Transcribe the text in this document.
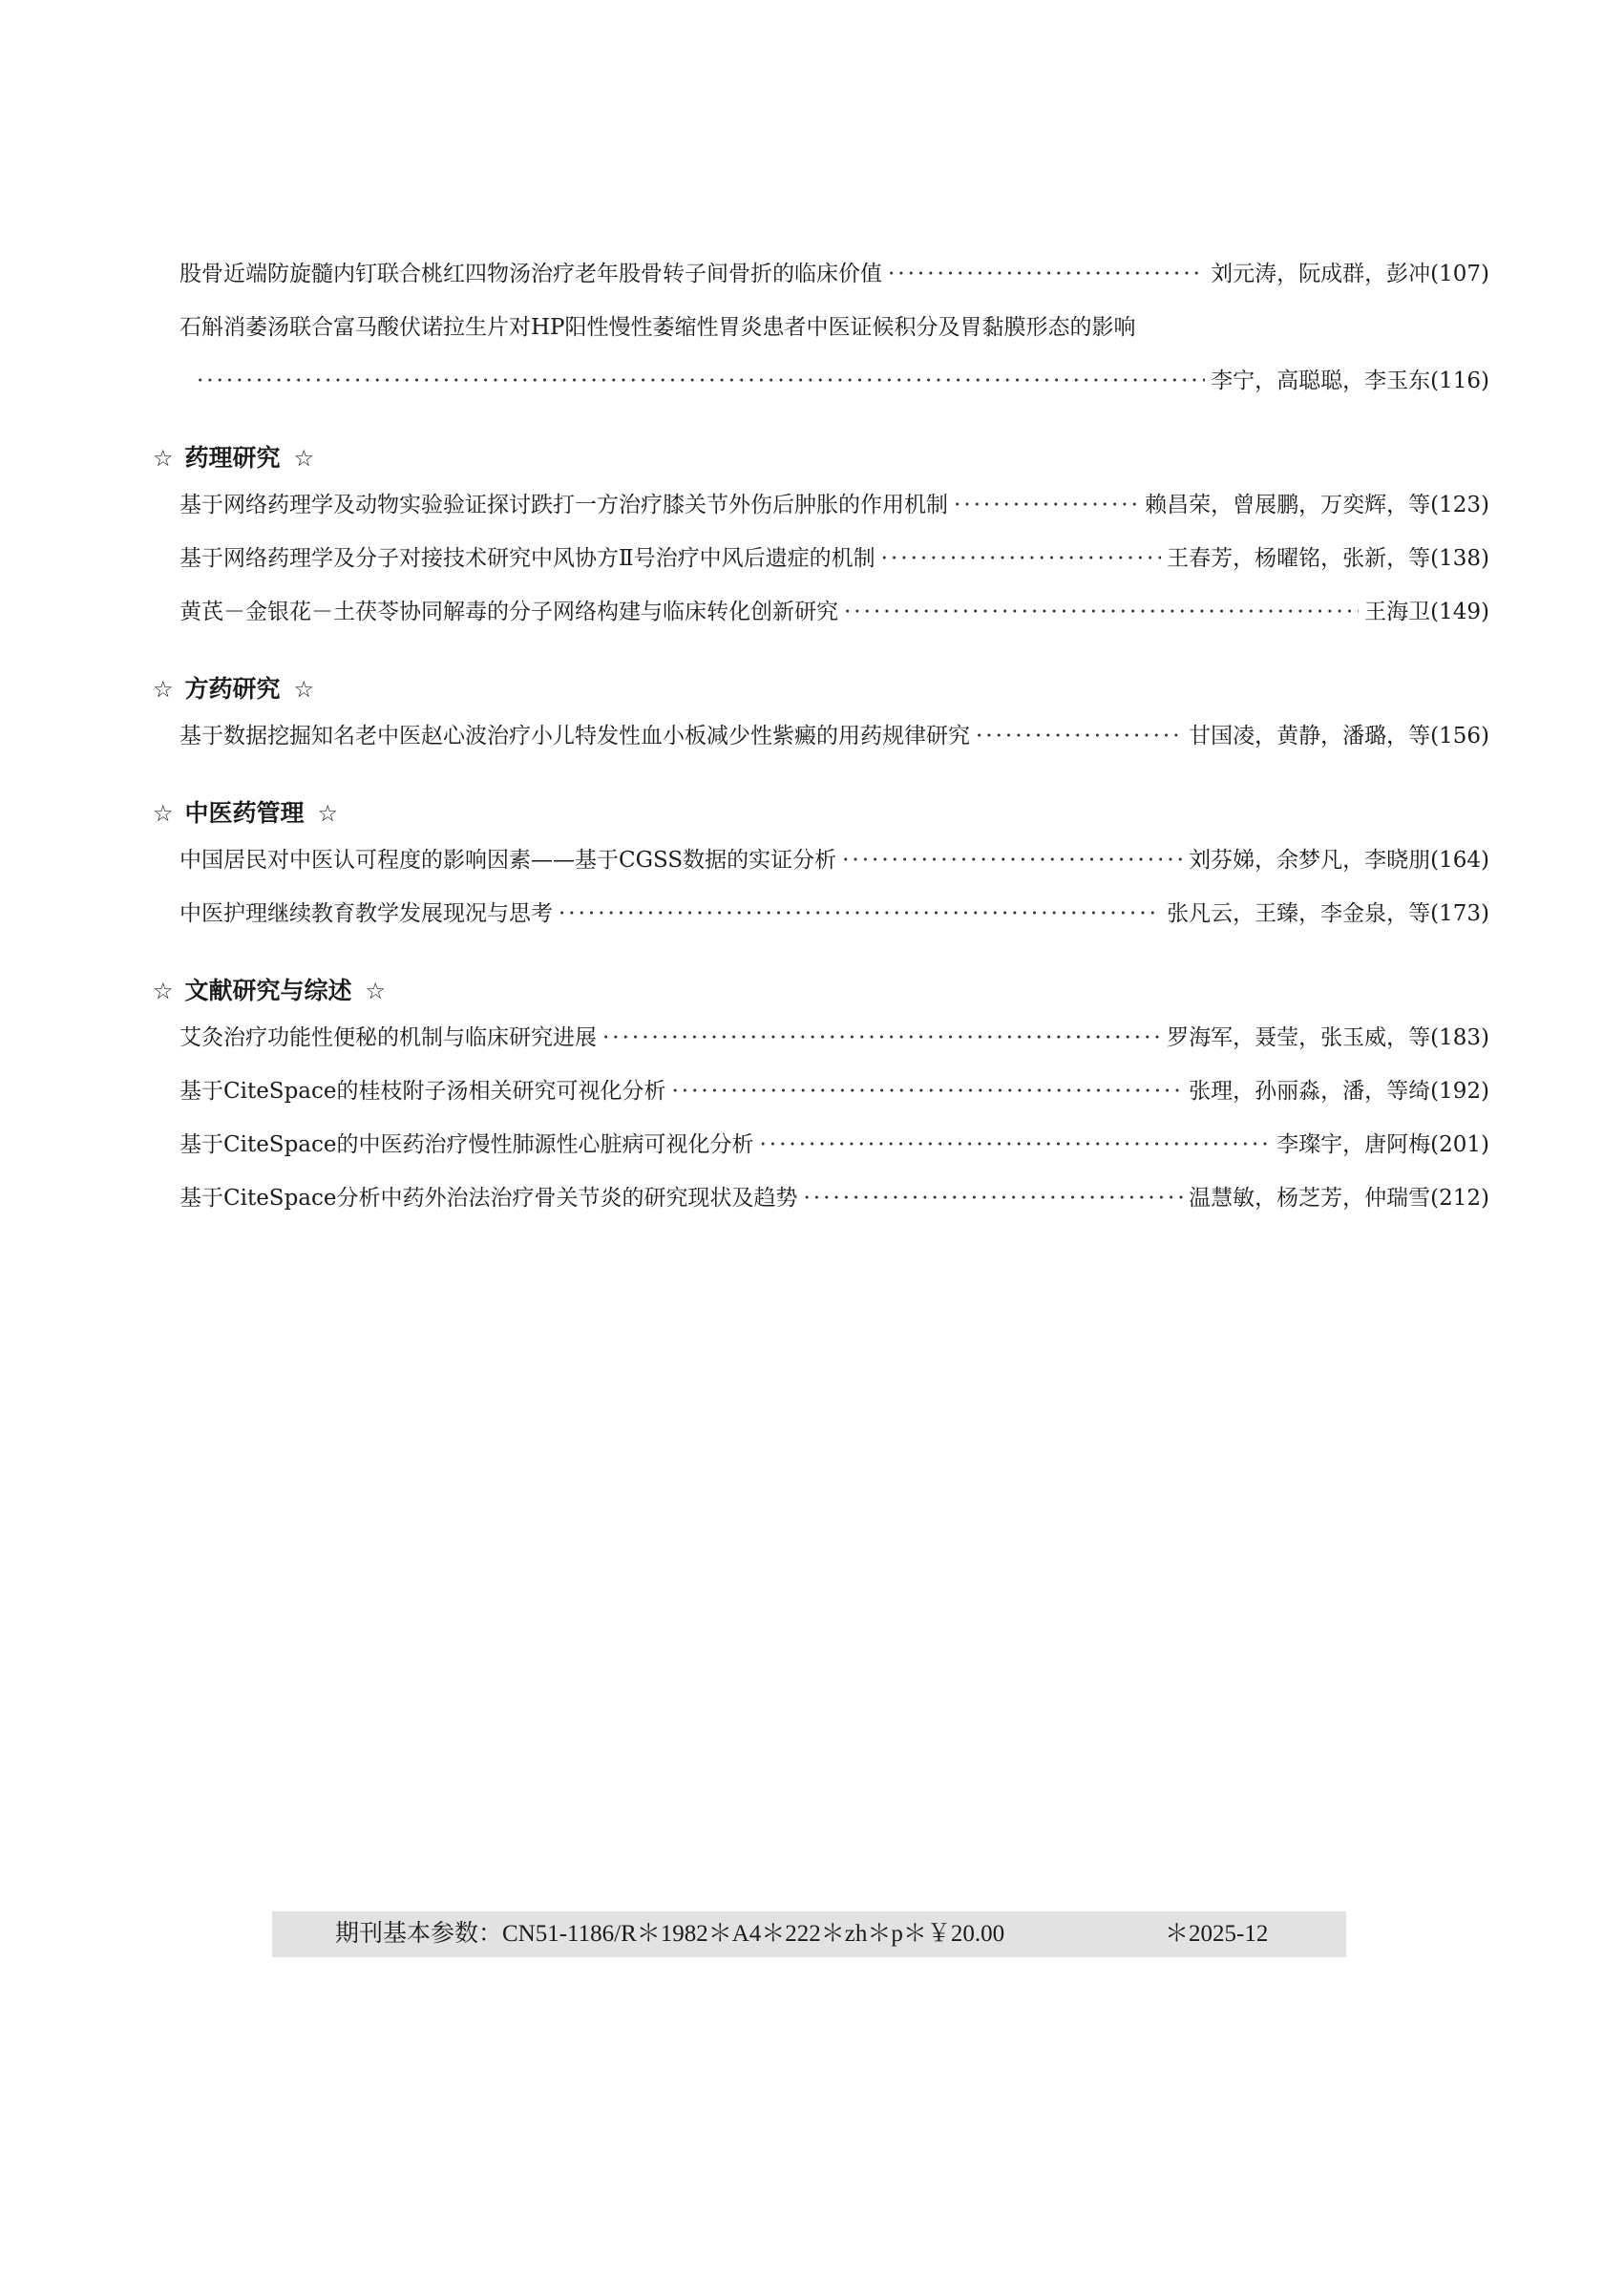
股骨近端防旋髓内钉联合桃红四物汤治疗老年股骨转子间骨折的临床价值 ·····	刘元涛，阮成群，彭冲 (107)
石斛消萎汤联合富马酸伏诺拉生片对HP阳性慢性萎缩性胃炎患者中医证候积分及胃黏膜形态的影响
·····
李宁，高聪聪，李玉东 (116)
☆ 药理研究 ☆
基于网络药理学及动物实验验证探讨跌打一方治疗膝关节外伤后肿胀的作用机制 ·····	赖昌荣，曾展鹏，万奕辉，等 (123)
基于网络药理学及分子对接技术研究中风协方Ⅱ号治疗中风后遗症的机制 ·····	王春芳，杨曜铭，张新，等 (138)
黄芪－金银花－土茯苓协同解毒的分子网络构建与临床转化创新研究 ·····	王海卫 (149)
☆ 方药研究 ☆
基于数据挖掘知名老中医赵心波治疗小儿特发性血小板减少性紫癜的用药规律研究 ·····	甘国凌，黄静，潘璐，等 (156)
☆ 中医药管理 ☆
中国居民对中医认可程度的影响因素——基于CGSS数据的实证分析 ·····	刘芬娣，余梦凡，李晓朋 (164)
中医护理继续教育教学发展现况与思考 ·····	张凡云，王臻，李金泉，等 (173)
☆ 文献研究与综述 ☆
艾灸治疗功能性便秘的机制与临床研究进展 ·····	罗海军，聂莹，张玉威，等 (183)
基于CiteSpace的桂枝附子汤相关研究可视化分析 ·····	张理，孙丽淼，潘，等绮 (192)
基于CiteSpace的中医药治疗慢性肺源性心脏病可视化分析 ·····	李璨宇，唐阿梅 (201)
基于CiteSpace分析中药外治法治疗骨关节炎的研究现状及趋势 ·····	温慧敏，杨芝芳，仲瑞雪 (212)
期刊基本参数：CN51-1186/R＊1982＊A4＊222＊zh＊p＊￥20.00	＊2025-12
